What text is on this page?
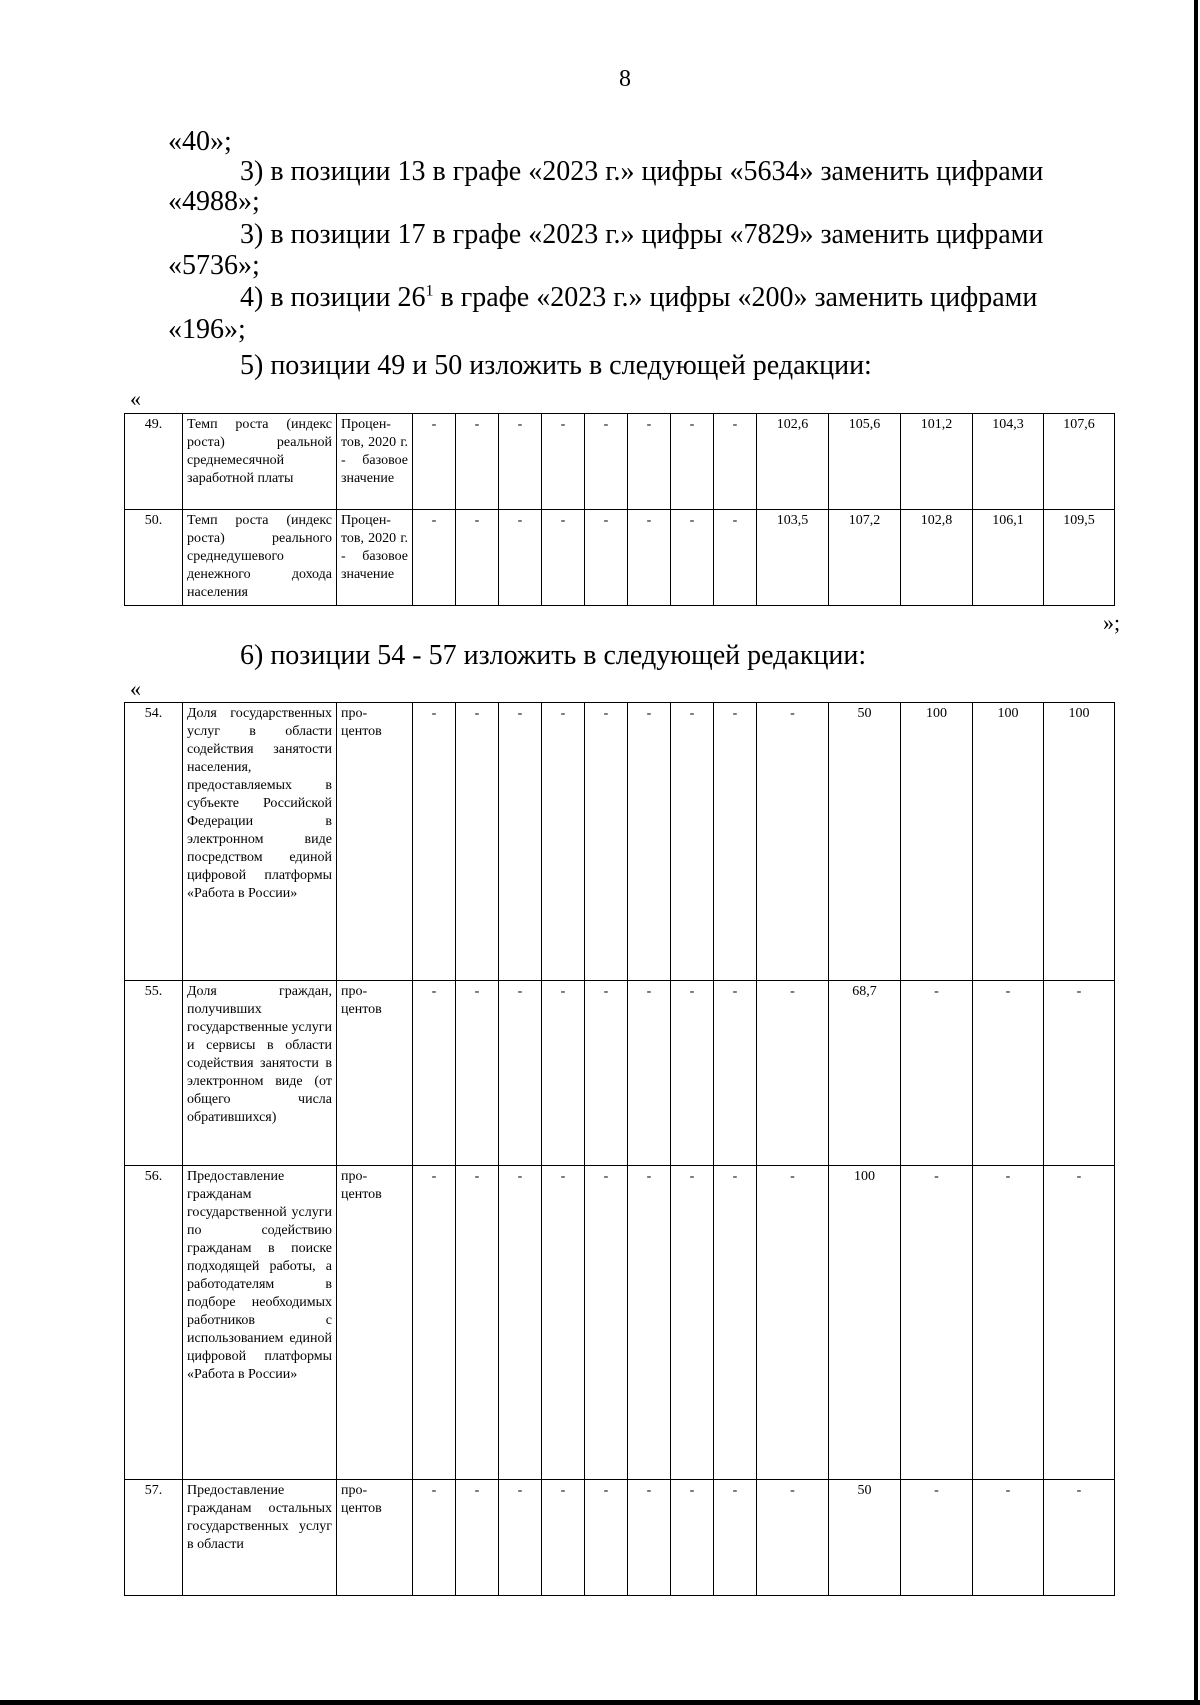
8
«40»;
3) в позиции 13 в графе «2023 г.» цифры «5634» заменить цифрами
«4988»;
3) в позиции 17 в графе «2023 г.» цифры «7829» заменить цифрами
«5736»;
4) в позиции $26^1$ в графе «2023 г.» цифры «200» заменить цифрами
«196»;
5) позиции 49 и 50 изложить в следующей редакции:
«
49.	Темп роста (индекс роста) реальной среднемесячной заработной платы	Процен- тов, 2020 г. - базовое значение	-	-	-	-	-	-	-	-	102,6	105,6	101,2	104,3	107,6
50.	Темп роста (индекс роста) реального среднедушевого денежного дохода населения	Процен- тов, 2020 г. - базовое значение	-	-	-	-	-	-	-	-	103,5	107,2	102,8	106,1	109,5
»;
6) позиции 54 - 57 изложить в следующей редакции:
«
54.	Доля государственных услуг в области содействия занятости населения, предоставляемых в субъекте Российской Федерации в электронном виде посредством единой цифровой платформы «Работа в России»	про- центов	-	-	-	-	-	-	-	-	-	50	100	100	100
55.	Доля граждан, получивших государственные услуги и сервисы в области содействия занятости в электронном виде (от общего числа обратившихся)	про- центов	-	-	-	-	-	-	-	-	-	68,7	-	-	-
56.	Предоставление гражданам государственной услуги по содействию гражданам в поиске подходящей работы, а работодателям в подборе необходимых работников с использованием единой цифровой платформы «Работа в России»	про- центов	-	-	-	-	-	-	-	-	-	100	-	-	-
57.	Предоставление гражданам остальных государственных услуг в области	про- центов	-	-	-	-	-	-	-	-	-	50	-	-	-
